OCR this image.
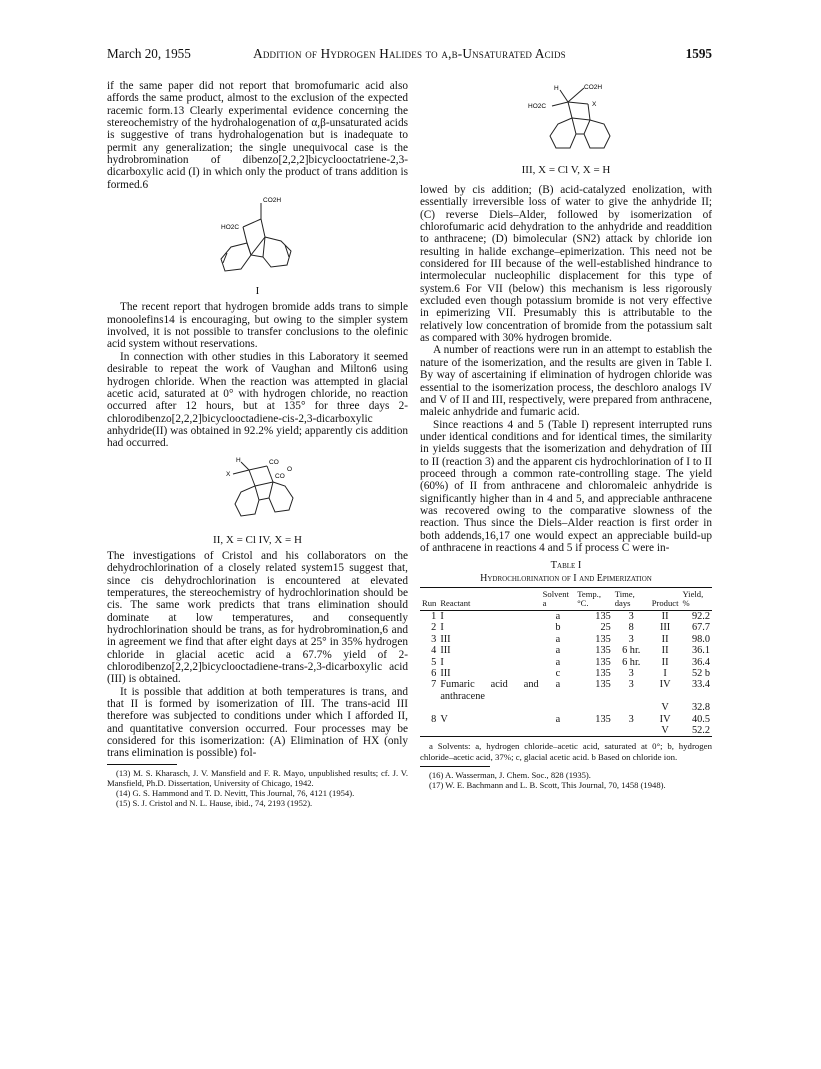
March 20, 1955	Addition of Hydrogen Halides to α,β-Unsaturated Acids	1595

if the same paper did not report that bromofumaric acid also affords the same product, almost to the exclusion of the expected racemic form.13 Clearly experimental evidence concerning the stereochemistry of the hydrohalogenation of α,β-unsaturated acids is suggestive of trans hydrohalogenation but is inadequate to permit any generalization; the single unequivocal case is the hydrobromination of dibenzo[2,2,2]bicyclooctatriene-2,3-dicarboxylic acid (I) in which only the product of trans addition is formed.6

CO2H
HO2C
I

The recent report that hydrogen bromide adds trans to simple monoolefins14 is encouraging, but owing to the simpler system involved, it is not possible to transfer conclusions to the olefinic acid system without reservations.

In connection with other studies in this Laboratory it seemed desirable to repeat the work of Vaughan and Milton6 using hydrogen chloride. When the reaction was attempted in glacial acetic acid, saturated at 0° with hydrogen chloride, no reaction occurred after 12 hours, but at 135° for three days 2-chlorodibenzo[2,2,2]bicyclooctadiene-cis-2,3-dicarboxylic anhydride(II) was obtained in 92.2% yield; apparently cis addition had occurred.

H
X
CO
CO
O
II, X = Cl IV, X = H

The investigations of Cristol and his collaborators on the dehydrochlorination of a closely related system15 suggest that, since cis dehydrochlorination is encountered at elevated temperatures, the stereochemistry of hydrochlorination should be cis. The same work predicts that trans elimination should dominate at low temperatures, and consequently hydrochlorination should be trans, as for hydrobromination,6 and in agreement we find that after eight days at 25° in 35% hydrogen chloride in glacial acetic acid a 67.7% yield of 2-chlorodibenzo[2,2,2]bicyclooctadiene-trans-2,3-dicarboxylic acid (III) is obtained.

It is possible that addition at both temperatures is trans, and that II is formed by isomerization of III. The trans-acid III therefore was subjected to conditions under which I afforded II, and quantitative conversion occurred. Four processes may be considered for this isomerization: (A) Elimination of HX (only trans elimination is possible) fol-

(13) M. S. Kharasch, J. V. Mansfield and F. R. Mayo, unpublished results; cf. J. V. Mansfield, Ph.D. Dissertation, University of Chicago, 1942.

(14) G. S. Hammond and T. D. Nevitt, This Journal, 76, 4121 (1954).

(15) S. J. Cristol and N. L. Hause, ibid., 74, 2193 (1952).

H	CO2H
HO2C	X
III, X = Cl V, X = H

lowed by cis addition; (B) acid-catalyzed enolization, with essentially irreversible loss of water to give the anhydride II; (C) reverse Diels–Alder, followed by isomerization of chlorofumaric acid dehydration to the anhydride and readdition to anthracene; (D) bimolecular (SN2) attack by chloride ion resulting in halide exchange–epimerization. This need not be considered for III because of the well-established hindrance to intermolecular nucleophilic displacement for this type of system.6 For VII (below) this mechanism is less rigorously excluded even though potassium bromide is not very effective in epimerizing VII. Presumably this is attributable to the relatively low concentration of bromide from the potassium salt as compared with 30% hydrogen bromide.

A number of reactions were run in an attempt to establish the nature of the isomerization, and the results are given in Table I. By way of ascertaining if elimination of hydrogen chloride was essential to the isomerization process, the deschloro analogs IV and V of II and III, respectively, were prepared from anthracene, maleic anhydride and fumaric acid.

Since reactions 4 and 5 (Table I) represent interrupted runs under identical conditions and for identical times, the similarity in yields suggests that the isomerization and dehydration of III to II (reaction 3) and the apparent cis hydrochlorination of I to II proceed through a common rate-controlling stage. The yield (60%) of II from anthracene and chloromaleic anhydride is significantly higher than in 4 and 5, and appreciable anthracene was recovered owing to the comparative slowness of the reaction. Thus since the Diels–Alder reaction is first order in both addends,16,17 one would expect an appreciable build-up of anthracene in reactions 4 and 5 if process C were in-

Table I
Hydrochlorination of I and Epimerization
Run	Reactant	Solvent a	Temp., °C.	Time, days	Product	Yield, %

1	I	a	135	3	II	92.2
2	I	b	25	8	III	67.7
3	III	a	135	3	II	98.0
4	III	a	135	6 hr.	II	36.1
5	I	a	135	6 hr.	II	36.4
6	III	c	135	3	I	52 b
7	Fumaric acid and anthracene	a	135	3	IV	33.4
					V	32.8
8	V	a	135	3	IV	40.5
					V	52.2
a Solvents: a, hydrogen chloride–acetic acid, saturated at 0°; b, hydrogen chloride–acetic acid, 37%; c, glacial acetic acid. b Based on chloride ion.

(16) A. Wasserman, J. Chem. Soc., 828 (1935).

(17) W. E. Bachmann and L. B. Scott, This Journal, 70, 1458 (1948).
